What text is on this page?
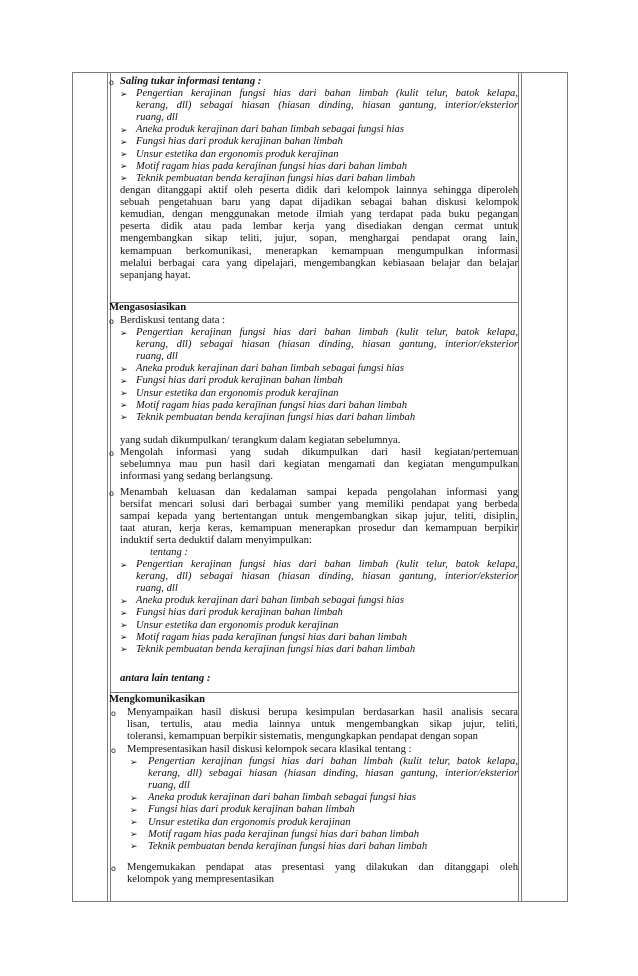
o Saling tukar informasi tentang :
➢ Pengertian kerajinan fungsi hias dari bahan limbah (kulit telur, batok kelapa,
kerang, dll) sebagai hiasan (hiasan dinding, hiasan gantung, interior/eksterior
ruang, dll
➢ Aneka produk kerajinan dari bahan limbah sebagai fungsi hias
➢ Fungsi hias dari produk kerajinan bahan limbah
➢ Unsur estetika dan ergonomis produk kerajinan
➢ Motif ragam hias pada kerajinan fungsi hias dari bahan limbah
➢ Teknik pembuatan benda kerajinan fungsi hias dari bahan limbah
dengan ditanggapi aktif oleh peserta didik dari kelompok lainnya sehingga diperoleh
sebuah pengetahuan baru yang dapat dijadikan sebagai bahan diskusi kelompok
kemudian, dengan menggunakan metode ilmiah yang terdapat pada buku pegangan
peserta didik atau pada lembar kerja yang disediakan dengan cermat untuk
mengembangkan sikap teliti, jujur, sopan, menghargai pendapat orang lain,
kemampuan berkomunikasi, menerapkan kemampuan mengumpulkan informasi
melalui berbagai cara yang dipelajari, mengembangkan kebiasaan belajar dan belajar
sepanjang hayat.
Mengasosiasikan
o Berdiskusi tentang data :
➢ Pengertian kerajinan fungsi hias dari bahan limbah (kulit telur, batok kelapa,
kerang, dll) sebagai hiasan (hiasan dinding, hiasan gantung, interior/eksterior
ruang, dll
➢ Aneka produk kerajinan dari bahan limbah sebagai fungsi hias
➢ Fungsi hias dari produk kerajinan bahan limbah
➢ Unsur estetika dan ergonomis produk kerajinan
➢ Motif ragam hias pada kerajinan fungsi hias dari bahan limbah
➢ Teknik pembuatan benda kerajinan fungsi hias dari bahan limbah
yang sudah dikumpulkan/ terangkum dalam kegiatan sebelumnya.
o Mengolah informasi yang sudah dikumpulkan dari hasil kegiatan/pertemuan
sebelumnya mau pun hasil dari kegiatan mengamati dan kegiatan mengumpulkan
informasi yang sedang berlangsung.
o Menambah keluasan dan kedalaman sampai kepada pengolahan informasi yang
bersifat mencari solusi dari berbagai sumber yang memiliki pendapat yang berbeda
sampai kepada yang bertentangan untuk mengembangkan sikap jujur, teliti, disiplin,
taat aturan, kerja keras, kemampuan menerapkan prosedur dan kemampuan berpikir
induktif serta deduktif dalam menyimpulkan:
tentang :
➢ Pengertian kerajinan fungsi hias dari bahan limbah (kulit telur, batok kelapa,
kerang, dll) sebagai hiasan (hiasan dinding, hiasan gantung, interior/eksterior
ruang, dll
➢ Aneka produk kerajinan dari bahan limbah sebagai fungsi hias
➢ Fungsi hias dari produk kerajinan bahan limbah
➢ Unsur estetika dan ergonomis produk kerajinan
➢ Motif ragam hias pada kerajinan fungsi hias dari bahan limbah
➢ Teknik pembuatan benda kerajinan fungsi hias dari bahan limbah
antara lain tentang :
Mengkomunikasikan
o Menyampaikan hasil diskusi berupa kesimpulan berdasarkan hasil analisis secara
lisan, tertulis, atau media lainnya untuk mengembangkan sikap jujur, teliti,
toleransi, kemampuan berpikir sistematis, mengungkapkan pendapat dengan sopan
o Mempresentasikan hasil diskusi kelompok secara klasikal tentang :
➢ Pengertian kerajinan fungsi hias dari bahan limbah (kulit telur, batok kelapa,
kerang, dll) sebagai hiasan (hiasan dinding, hiasan gantung, interior/eksterior
ruang, dll
➢ Aneka produk kerajinan dari bahan limbah sebagai fungsi hias
➢ Fungsi hias dari produk kerajinan bahan limbah
➢ Unsur estetika dan ergonomis produk kerajinan
➢ Motif ragam hias pada kerajinan fungsi hias dari bahan limbah
➢ Teknik pembuatan benda kerajinan fungsi hias dari bahan limbah
o Mengemukakan pendapat atas presentasi yang dilakukan dan ditanggapi oleh
kelompok yang mempresentasikan
